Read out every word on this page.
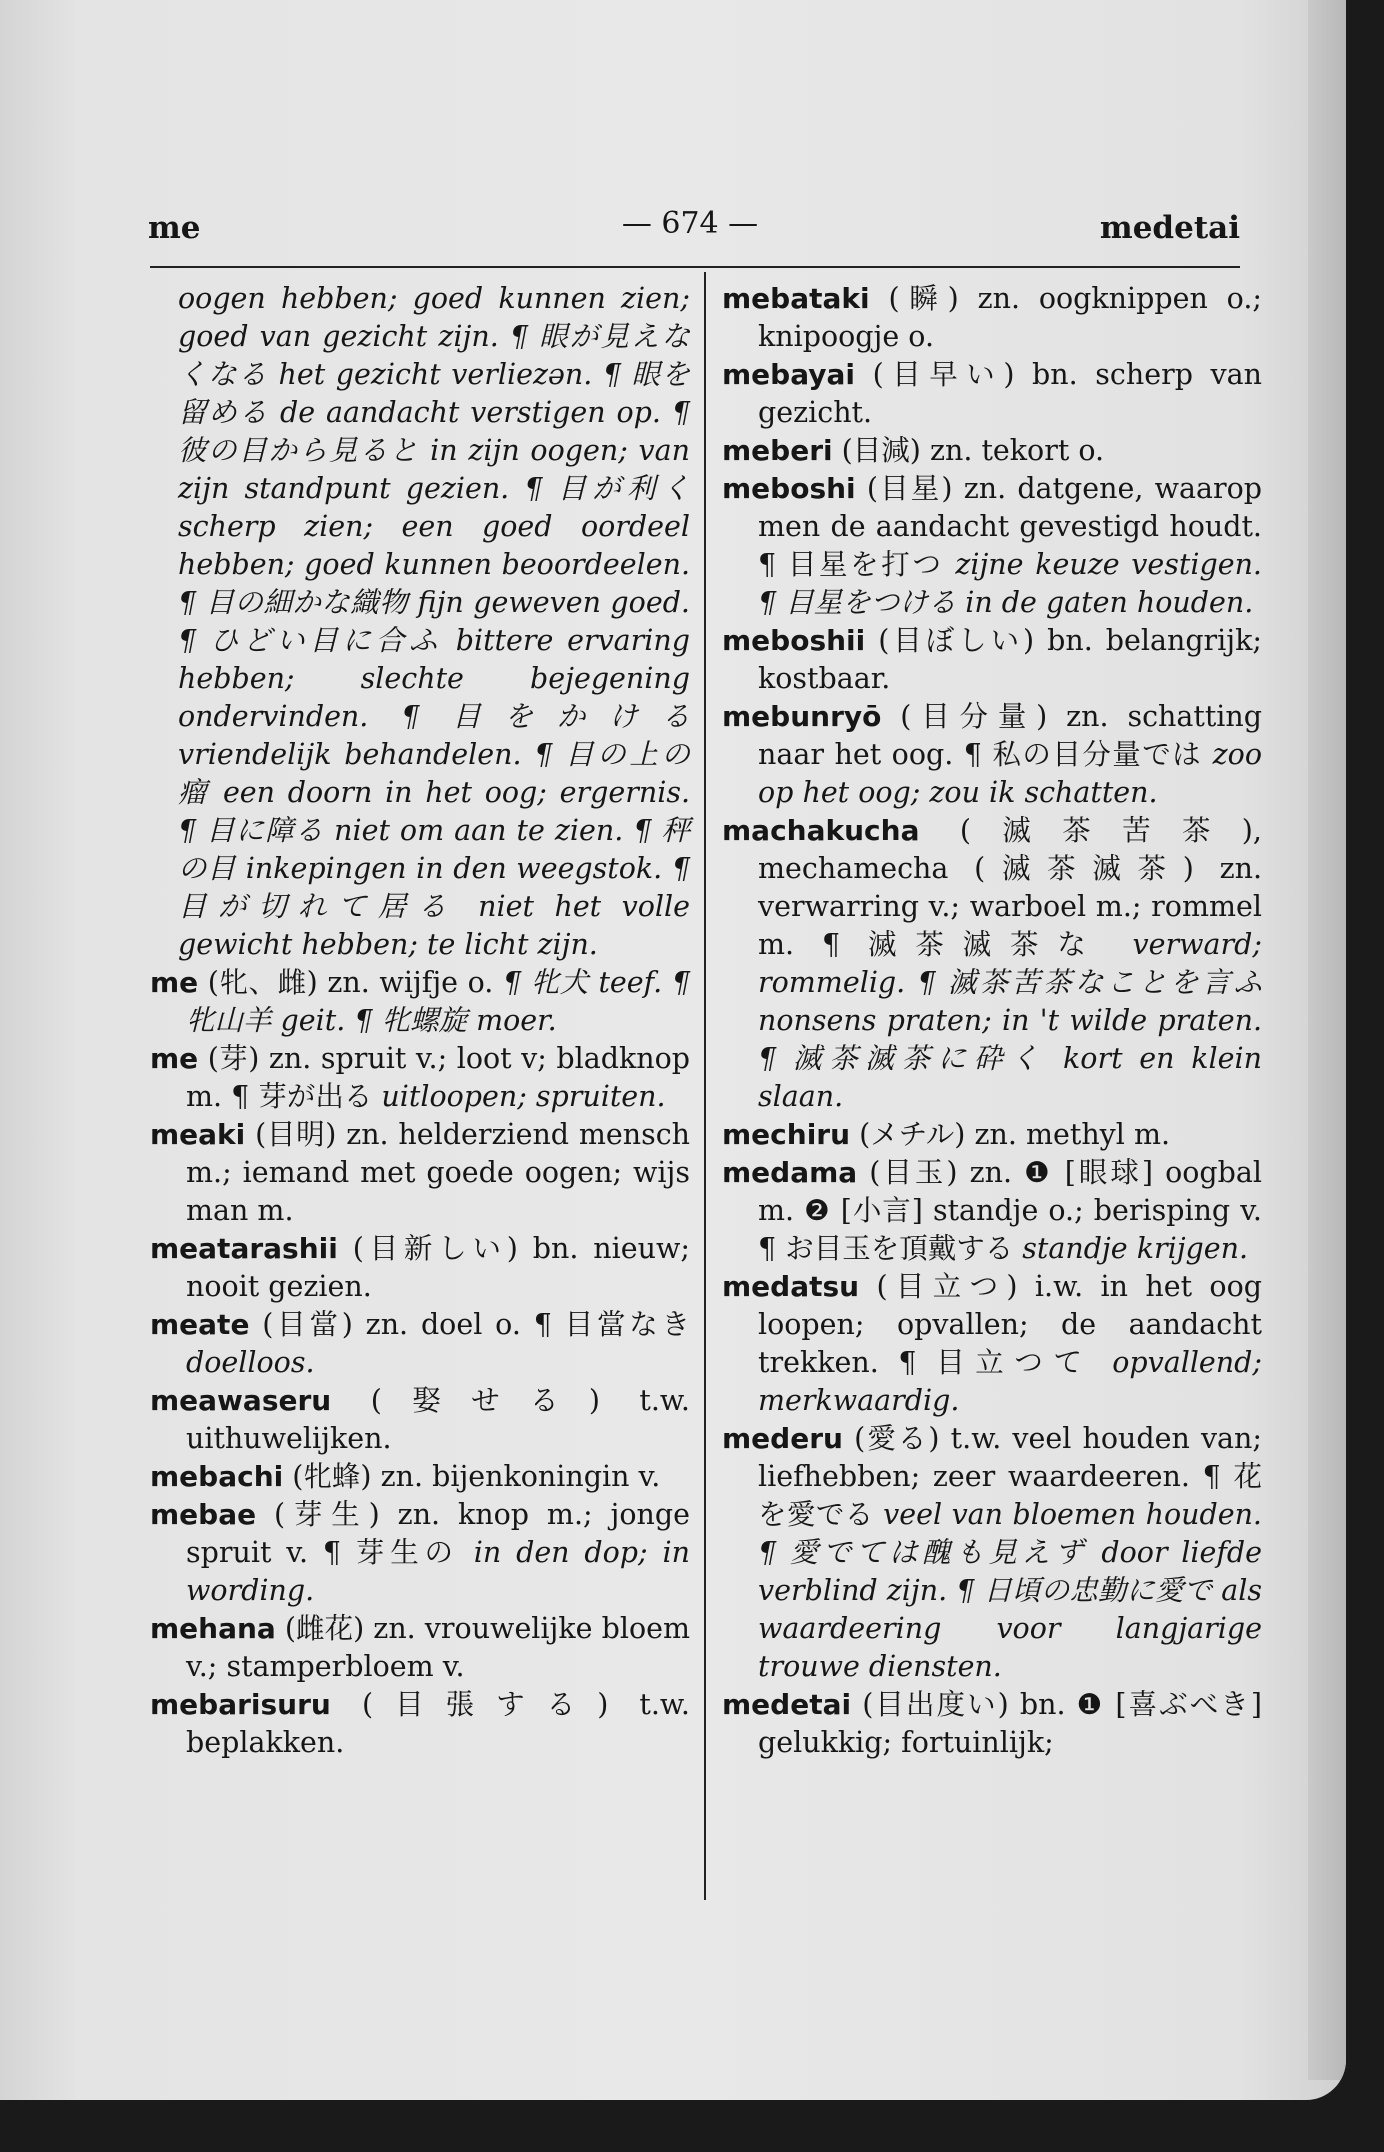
me	— 674 —	medetai

oogen hebben; goed kunnen zien; goed van gezicht zijn. ¶ 眼が見えなくなる het gezicht verliezən. ¶ 眼を留める de aandacht verstigen op. ¶ 彼の目から見ると in zijn oogen; van zijn standpunt gezien. ¶ 目が利く scherp zien; een goed oordeel hebben; goed kunnen beoordeelen. ¶ 目の細かな織物 fijn geweven goed. ¶ ひどい目に合ふ bittere ervaring hebben; slechte bejegening ondervinden. ¶ 目をかける vriendelijk behandelen. ¶ 目の上の瘤 een doorn in het oog; ergernis. ¶ 目に障る niet om aan te zien. ¶ 秤の目 inkepingen in den weegstok. ¶ 目が切れて居る niet het volle gewicht hebben; te licht zijn.

me (牝、雌) zn. wijfje o. ¶ 牝犬 teef. ¶牝山羊 geit. ¶ 牝螺旋 moer.

me (芽) zn. spruit v.; loot v; bladknop m. ¶ 芽が出る uitloopen; spruiten.

meaki (目明) zn. helderziend mensch m.; iemand met goede oogen; wijs man m.

meatarashii (目新しい) bn. nieuw; nooit gezien.

meate (目當) zn. doel o. ¶ 目當なき doelloos.

meawaseru (娶せる) t.w. uithuwelijken.

mebachi (牝蜂) zn. bijenkoningin v.

mebae (芽生) zn. knop m.; jonge spruit v. ¶ 芽生の in den dop; in wording.

mehana (雌花) zn. vrouwelijke bloem v.; stamperbloem v.

mebarisuru (目張する) t.w. beplakken.

mebataki (瞬) zn. oogknippen o.; knipoogje o.

mebayai (目早い) bn. scherp van gezicht.

meberi (目減) zn. tekort o.

meboshi (目星) zn. datgene, waarop men de aandacht gevestigd houdt. ¶ 目星を打つ zijne keuze vestigen. ¶ 目星をつける in de gaten houden.

meboshii (目ぼしい) bn. belangrijk; kostbaar.

mebunryō (目分量) zn. schatting naar het oog. ¶ 私の目分量では zoo op het oog; zou ik schatten.

machakucha (滅茶苦茶), mechamecha (滅茶滅茶) zn. verwarring v.; warboel m.; rommel m. ¶ 滅茶滅茶な verward; rommelig. ¶ 滅茶苦茶なことを言ふ nonsens praten; in 't wilde praten. ¶ 滅茶滅茶に砕く kort en klein slaan.

mechiru (メチル) zn. methyl m.

medama (目玉) zn. ❶ [眼球] oogbal m. ❷ [小言] standje o.; berisping v. ¶ お目玉を頂戴する standje krijgen.

medatsu (目立つ) i.w. in het oog loopen; opvallen; de aandacht trekken. ¶ 目立つて opvallend; merkwaardig.

mederu (愛る) t.w. veel houden van; liefhebben; zeer waardeeren. ¶ 花を愛でる veel van bloemen houden. ¶ 愛でては醜も見えず door liefde verblind zijn. ¶ 日頃の忠勤に愛で als waardeering voor langjarige trouwe diensten.

medetai (目出度い) bn. ❶ [喜ぶべき] gelukkig; fortuinlijk;
